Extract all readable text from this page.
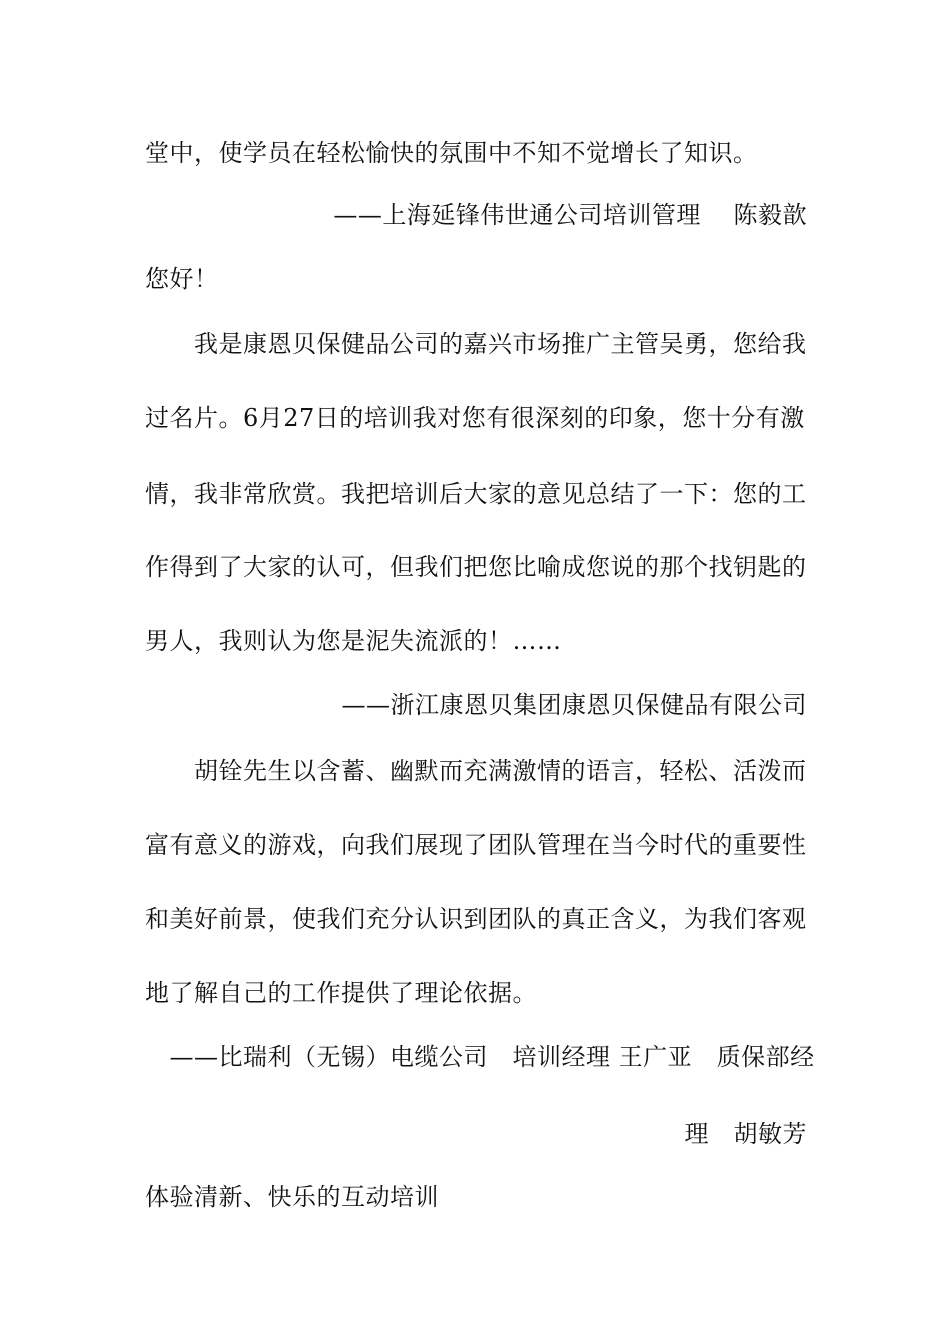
堂中，使学员在轻松愉快的氛围中不知不觉增长了知识。
——上海延锋伟世通公司培训管理　 陈毅歆
您好！
　　我是康恩贝保健品公司的嘉兴市场推广主管吴勇，您给我
过名片。6月27日的培训我对您有很深刻的印象，您十分有激
情，我非常欣赏。我把培训后大家的意见总结了一下：您的工
作得到了大家的认可，但我们把您比喻成您说的那个找钥匙的
男人，我则认为您是泥失流派的！……
——浙江康恩贝集团康恩贝保健品有限公司
　　胡铨先生以含蓄、幽默而充满激情的语言，轻松、活泼而
富有意义的游戏，向我们展现了团队管理在当今时代的重要性
和美好前景，使我们充分认识到团队的真正含义，为我们客观
地了解自己的工作提供了理论依据。
　——比瑞利（无锡）电缆公司　培训经理 王广亚　质保部经
理　胡敏芳
体验清新、快乐的互动培训
